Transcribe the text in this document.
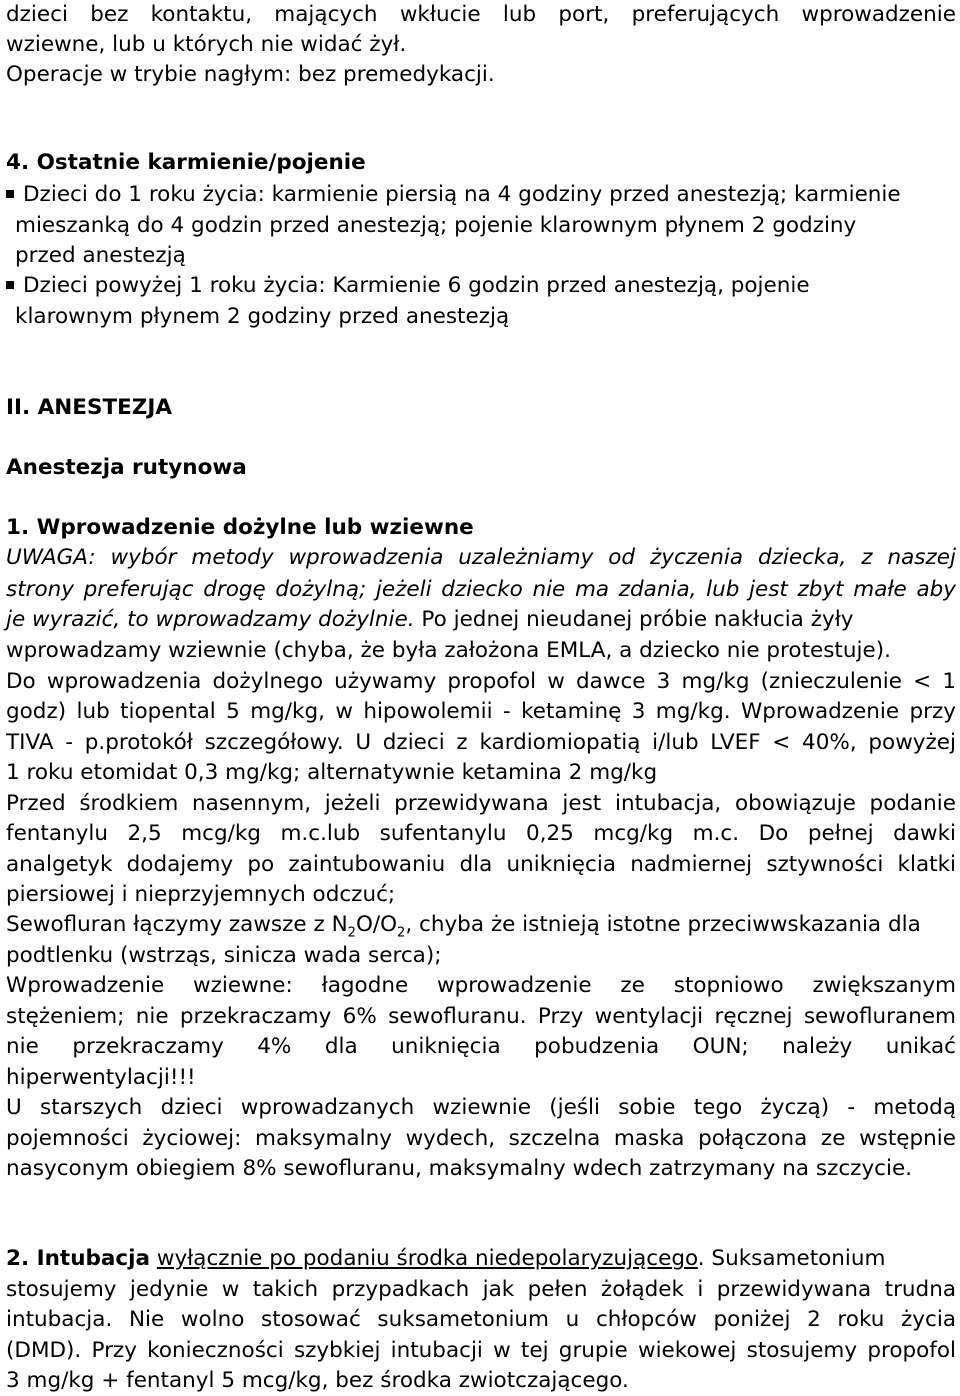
dzieci bez kontaktu, mających wkłucie lub port, preferujących wprowadzenie
wziewne, lub u których nie widać żył.
Operacje w trybie nagłym: bez premedykacji.
4. Ostatnie karmienie/pojenie
Dzieci do 1 roku życia: karmienie piersią na 4 godziny przed anestezją; karmienie
mieszanką do 4 godzin przed anestezją; pojenie klarownym płynem 2 godziny
przed anestezją
Dzieci powyżej 1 roku życia: Karmienie 6 godzin przed anestezją, pojenie
klarownym płynem 2 godziny przed anestezją
II. ANESTEZJA
Anestezja rutynowa
1. Wprowadzenie dożylne lub wziewne
UWAGA: wybór metody wprowadzenia uzależniamy od życzenia dziecka, z naszej
strony preferując drogę dożylną; jeżeli dziecko nie ma zdania, lub jest zbyt małe aby
je wyrazić, to wprowadzamy dożylnie. Po jednej nieudanej próbie nakłucia żyły
wprowadzamy wziewnie (chyba, że była założona EMLA, a dziecko nie protestuje).
Do wprowadzenia dożylnego używamy propofol w dawce 3 mg/kg (znieczulenie < 1
godz) lub tiopental 5 mg/kg, w hipowolemii - ketaminę 3 mg/kg. Wprowadzenie przy
TIVA - p.protokół szczegółowy. U dzieci z kardiomiopatią i/lub LVEF < 40%, powyżej
1 roku etomidat 0,3 mg/kg; alternatywnie ketamina 2 mg/kg
Przed środkiem nasennym, jeżeli przewidywana jest intubacja, obowiązuje podanie
fentanylu 2,5 mcg/kg m.c.lub sufentanylu 0,25 mcg/kg m.c. Do pełnej dawki
analgetyk dodajemy po zaintubowaniu dla uniknięcia nadmiernej sztywności klatki
piersiowej i nieprzyjemnych odczuć;
Sewofluran łączymy zawsze z $N_2O/O_2$, chyba że istnieją istotne przeciwwskazania dla
podtlenku (wstrząs, sinicza wada serca);
Wprowadzenie wziewne: łagodne wprowadzenie ze stopniowo zwiększanym
stężeniem; nie przekraczamy 6% sewofluranu. Przy wentylacji ręcznej sewofluranem
nie przekraczamy 4% dla uniknięcia pobudzenia OUN; należy unikać
hiperwentylacji!!!
U starszych dzieci wprowadzanych wziewnie (jeśli sobie tego życzą) - metodą
pojemności życiowej: maksymalny wydech, szczelna maska połączona ze wstępnie
nasyconym obiegiem 8% sewofluranu, maksymalny wdech zatrzymany na szczycie.
2. Intubacja wyłącznie po podaniu środka niedepolaryzującego. Suksametonium
stosujemy jedynie w takich przypadkach jak pełen żołądek i przewidywana trudna
intubacja. Nie wolno stosować suksametonium u chłopców poniżej 2 roku życia
(DMD). Przy konieczności szybkiej intubacji w tej grupie wiekowej stosujemy propofol
3 mg/kg + fentanyl 5 mcg/kg, bez środka zwiotczającego.
